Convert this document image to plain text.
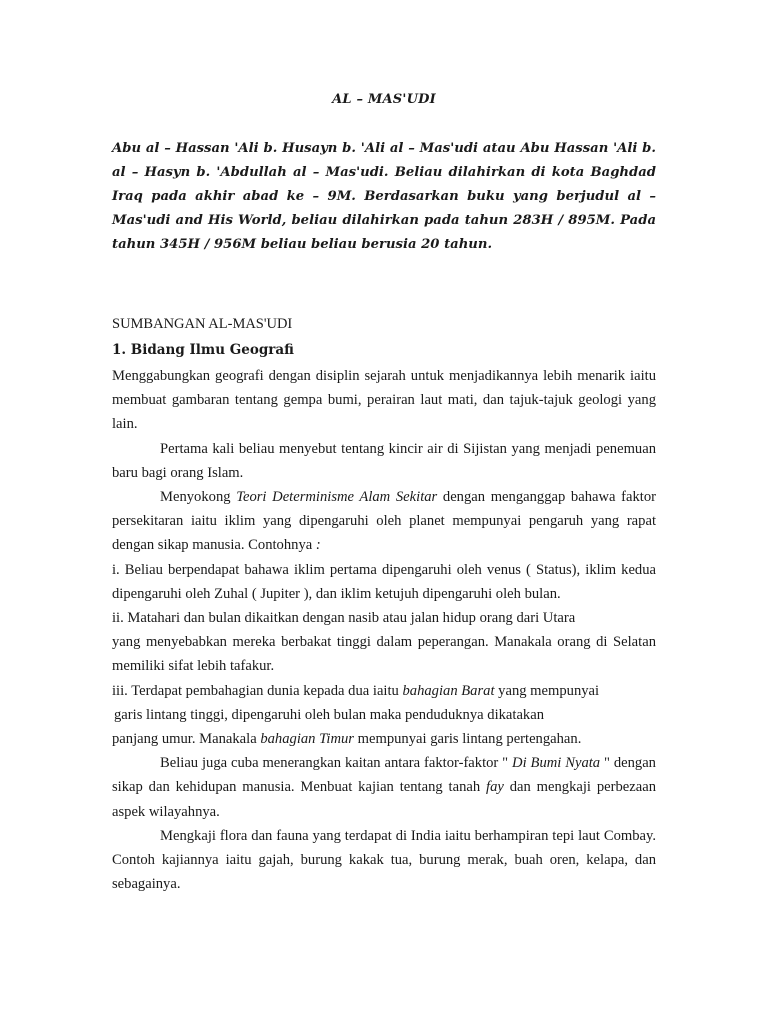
AL – MAS'UDI

Abu al – Hassan 'Ali b. Husayn b. 'Ali al – Mas'udi atau Abu Hassan 'Ali b. al – Hasyn b. 'Abdullah al – Mas'udi. Beliau dilahirkan di kota Baghdad Iraq pada akhir abad ke – 9M. Berdasarkan buku yang berjudul al – Mas'udi and His World, beliau dilahirkan pada tahun 283H / 895M. Pada tahun 345H / 956M beliau beliau berusia 20 tahun.

SUMBANGAN AL-MAS'UDI

1. Bidang Ilmu Geografi

Menggabungkan geografi dengan disiplin sejarah untuk menjadikannya lebih menarik iaitu membuat gambaran tentang gempa bumi, perairan laut mati, dan tajuk-tajuk geologi yang lain.

Pertama kali beliau menyebut tentang kincir air di Sijistan yang menjadi penemuan baru bagi orang Islam.

Menyokong Teori Determinisme Alam Sekitar dengan menganggap bahawa faktor persekitaran iaitu iklim yang dipengaruhi oleh planet mempunyai pengaruh yang rapat dengan sikap manusia. Contohnya :

i. Beliau berpendapat bahawa iklim pertama dipengaruhi oleh venus ( Status), iklim kedua dipengaruhi oleh Zuhal ( Jupiter ), dan iklim ketujuh dipengaruhi oleh bulan.

ii. Matahari dan bulan dikaitkan dengan nasib atau jalan hidup orang dari Utara

yang menyebabkan mereka berbakat tinggi dalam peperangan. Manakala orang di Selatan memiliki sifat lebih tafakur.

iii. Terdapat pembahagian dunia kepada dua iaitu bahagian Barat yang mempunyai

garis lintang tinggi, dipengaruhi oleh bulan maka penduduknya dikatakan

panjang umur. Manakala bahagian Timur mempunyai garis lintang pertengahan.

Beliau juga cuba menerangkan kaitan antara faktor-faktor " Di Bumi Nyata " dengan sikap dan kehidupan manusia. Menbuat kajian tentang tanah fay dan mengkaji perbezaan aspek wilayahnya.

Mengkaji flora dan fauna yang terdapat di India iaitu berhampiran tepi laut Combay. Contoh kajiannya iaitu gajah, burung kakak tua, burung merak, buah oren, kelapa, dan sebagainya.
